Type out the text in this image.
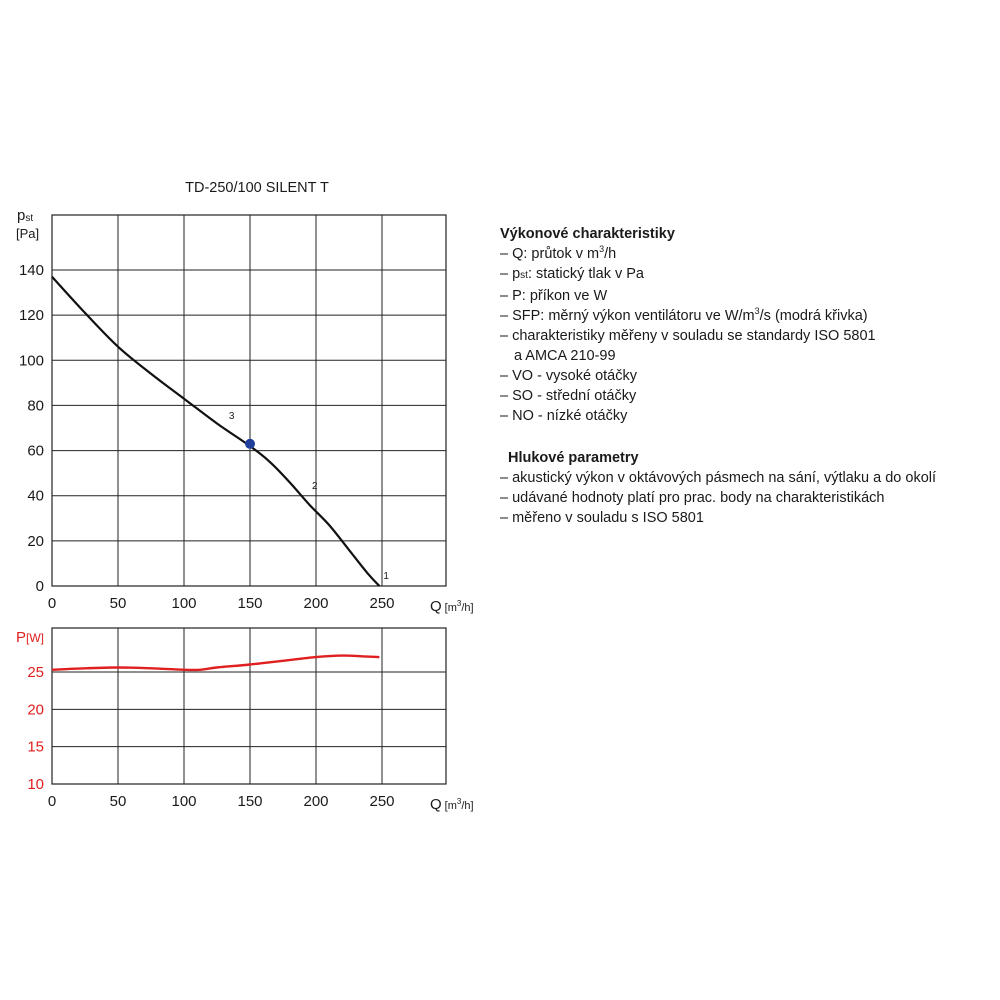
TD-250/100 SILENT T
pst
[Pa]
0
20
40
60
80
100
120
140
0	50	100	150	200	250 Q [$m^3_{/h]}$
3
2
1
P[W]
10
15
20
25
0	50	100	150	200	250 Q [$m^3_{/h]}$
Výkonové charakteristiky
– Q: průtok v $m^3/h$
– pst: statický tlak v Pa
– P: příkon ve W
– SFP: měrný výkon ventilátoru ve $W/m^3/s$ (modrá křivka)
– charakteristiky měřeny v souladu se standardy ISO 5801
a AMCA 210-99
– VO - vysoké otáčky
– SO - střední otáčky
– NO - nízké otáčky
Hlukové parametry
– akustický výkon v oktávových pásmech na sání, výtlaku a do okolí
– udávané hodnoty platí pro prac. body na charakteristikách
– měřeno v souladu s ISO 5801
